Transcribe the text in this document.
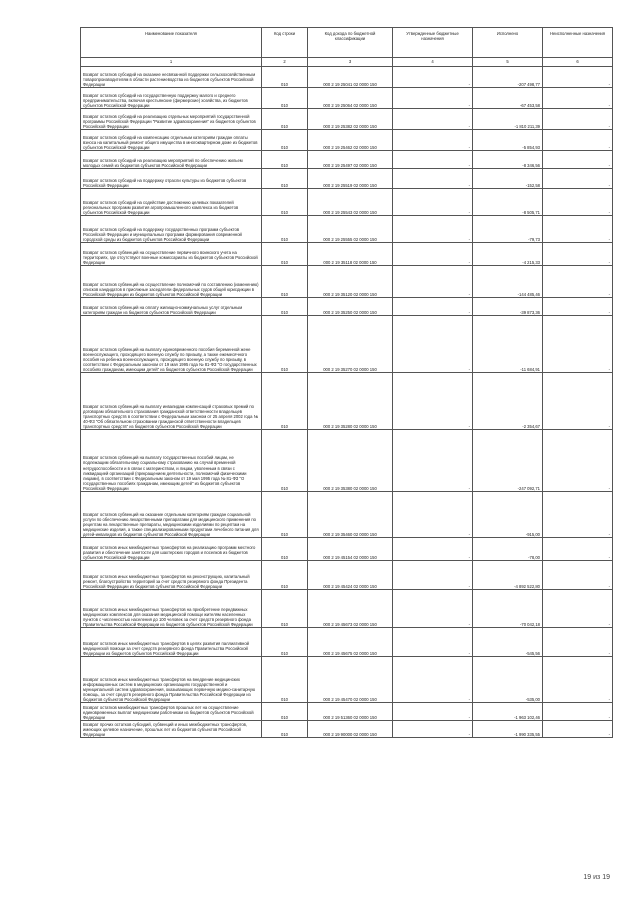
Наименование показателя	Код строки	Код дохода по бюджетной классификации	Утвержденные бюджетные назначения	Исполнено	Неисполненные назначения
1	2	3	4	5	6
Возврат остатков субсидий на оказание несвязанной поддержки сельскохозяйственным товаропроизводителям в области растениеводства из бюджетов субъектов Российской Федерации	010	000 2 19 25041 02 0000 150	-	-207 498,77	-
Возврат остатков субсидий на государственную поддержку малого и среднего предпринимательства, включая крестьянские (фермерские) хозяйства, из бюджетов субъектов Российской Федерации	010	000 2 19 25064 02 0000 150	-	-67 453,58	-
Возврат остатков субсидий на реализацию отдельных мероприятий государственной программы Российской Федерации "Развитие здравоохранения" из бюджетов субъектов Российской Федерации	010	000 2 19 25382 02 0000 150	-	-1 810 211,39	-
Возврат остатков субсидий на компенсацию отдельным категориям граждан оплаты взноса на капитальный ремонт общего имущества в многоквартирном доме из бюджетов субъектов Российской Федерации	010	000 2 19 25462 02 0000 150	-	-5 854,93	-
Возврат остатков субсидий на реализацию мероприятий по обеспечению жильем молодых семей из бюджетов субъектов Российской Федерации	010	000 2 19 25497 02 0000 150	-	-8 346,56	-
Возврат остатков субсидий на поддержку отрасли культуры из бюджетов субъектов Российской Федерации	010	000 2 19 25519 02 0000 150	-	-152,58	-
Возврат остатков субсидий на содействие достижению целевых показателей региональных программ развития агропромышленного комплекса из бюджетов субъектов Российской Федерации	010	000 2 19 25543 02 0000 150	-	-8 505,71	-
Возврат остатков субсидий на поддержку государственных программ субъектов Российской Федерации и муниципальных программ формирования современной городской среды из бюджетов субъектов Российской Федерации	010	000 2 19 25555 02 0000 150	-	-79,73	-
Возврат остатков субвенций на осуществление первичного воинского учета на территориях, где отсутствуют военные комиссариаты из бюджетов субъектов Российской Федерации	010	000 2 19 35118 02 0000 150	-	-4 215,33	-
Возврат остатков субвенций на осуществление полномочий по составлению (изменению) списков кандидатов в присяжные заседатели федеральных судов общей юрисдикции в Российской Федерации из бюджетов субъектов Российской Федерации	010	000 2 19 35120 02 0000 150	-	-144 485,46	-
Возврат остатков субвенций на оплату жилищно-коммунальных услуг отдельным категориям граждан из бюджетов субъектов Российской Федерации	010	000 2 19 35250 02 0000 150	-	-39 873,36	-
Возврат остатков субвенций на выплату единовременного пособия беременной жене военнослужащего, проходящего военную службу по призыву, а также ежемесячного пособия на ребенка военнослужащего, проходящего военную службу по призыву, в соответствии с Федеральным законом от 19 мая 1995 года № 81-ФЗ "О государственных пособиях гражданам, имеющим детей" из бюджетов субъектов Российской Федерации	010	000 2 19 35270 02 0000 150	-	-11 684,91	-
Возврат остатков субвенций на выплату инвалидам компенсаций страховых премий по договорам обязательного страхования гражданской ответственности владельцев транспортных средств в соответствии с Федеральным законом от 25 апреля 2002 года № 40-ФЗ "Об обязательном страховании гражданской ответственности владельцев транспортных средств" из бюджетов субъектов Российской Федерации	010	000 2 19 35280 02 0000 150	-	-2 354,67	-
Возврат остатков субвенций на выплату государственных пособий лицам, не подлежащим обязательному социальному страхованию на случай временной нетрудоспособности и в связи с материнством, и лицам, уволенным в связи с ликвидацией организаций (прекращением деятельности, полномочий физическими лицами), в соответствии с Федеральным законом от 19 мая 1995 года № 81-ФЗ "О государственных пособиях гражданам, имеющим детей" из бюджетов субъектов Российской Федерации	010	000 2 19 35380 02 0000 150	-	-247 092,71	-
Возврат остатков субвенций на оказание отдельным категориям граждан социальной услуги по обеспечению лекарственными препаратами для медицинского применения по рецептам на лекарственные препараты, медицинскими изделиями по рецептам на медицинские изделия, а также специализированными продуктами лечебного питания для детей-инвалидов из бюджетов субъектов Российской Федерации	010	000 2 19 35460 02 0000 150	-	-915,00	-
Возврат остатков иных межбюджетных трансфертов на реализацию программ местного развития и обеспечение занятости для шахтерских городов и поселков из бюджетов субъектов Российской Федерации	010	000 2 19 45154 02 0000 150	-	-78,00	-
Возврат остатков иных межбюджетных трансфертов на реконструкцию, капитальный ремонт, благоустройство территорий за счет средств резервного фонда Президента Российской Федерации из бюджетов субъектов Российской Федерации	010	000 2 19 45424 02 0000 150	-	-4 892 522,80	-
Возврат остатков иных межбюджетных трансфертов на приобретение передвижных медицинских комплексов для оказания медицинской помощи жителям населенных пунктов с численностью населения до 100 человек за счет средств резервного фонда Правительства Российской Федерации из бюджетов субъектов Российской Федерации	010	000 2 19 45673 02 0000 150	-	-70 042,18	-
Возврат остатков иных межбюджетных трансфертов в целях развития паллиативной медицинской помощи за счет средств резервного фонда Правительства Российской Федерации из бюджетов субъектов Российской Федерации	010	000 2 19 45675 02 0000 150	-	-545,56	-
Возврат остатков иных межбюджетных трансфертов на внедрение медицинских информационных систем в медицинских организациях государственной и муниципальной систем здравоохранения, оказывающих первичную медико-санитарную помощь, за счет средств резервного фонда Правительства Российской Федерации из бюджетов субъектов Российской Федерации	010	000 2 19 45470 02 0000 150	-	-535,00	-
Возврат остатков межбюджетных трансфертов прошлых лет на осуществление единовременных выплат медицинским работникам из бюджетов субъектов Российской Федерации	010	000 2 19 51360 02 0000 150	-	-1 963 102,46	-
Возврат прочих остатков субсидий, субвенций и иных межбюджетных трансфертов, имеющих целевое назначение, прошлых лет из бюджетов субъектов Российской Федерации	010	000 2 19 90000 02 0000 150	-	-1 990 335,55	-
19 из 19
